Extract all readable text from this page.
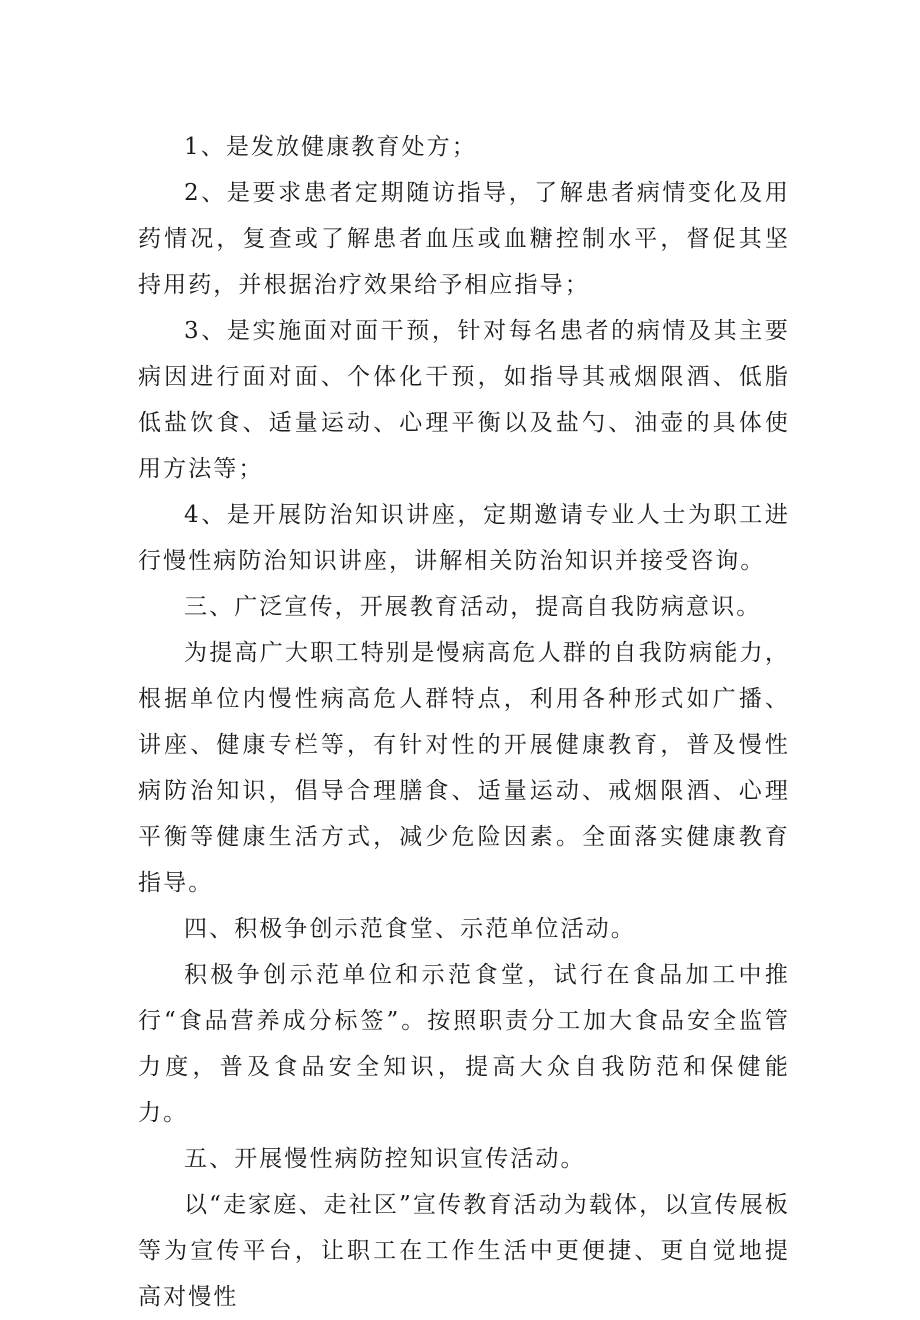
1、是发放健康教育处方；

2、是要求患者定期随访指导，了解患者病情变化及用药情况，复查或了解患者血压或血糖控制水平，督促其坚持用药，并根据治疗效果给予相应指导；

3、是实施面对面干预，针对每名患者的病情及其主要病因进行面对面、个体化干预，如指导其戒烟限酒、低脂低盐饮食、适量运动、心理平衡以及盐勺、油壶的具体使用方法等；

4、是开展防治知识讲座，定期邀请专业人士为职工进行慢性病防治知识讲座，讲解相关防治知识并接受咨询。

三、广泛宣传，开展教育活动，提高自我防病意识。

为提高广大职工特别是慢病高危人群的自我防病能力，根据单位内慢性病高危人群特点，利用各种形式如广播、讲座、健康专栏等，有针对性的开展健康教育，普及慢性病防治知识，倡导合理膳食、适量运动、戒烟限酒、心理平衡等健康生活方式，减少危险因素。全面落实健康教育指导。

四、积极争创示范食堂、示范单位活动。

积极争创示范单位和示范食堂，试行在食品加工中推行“食品营养成分标签”。按照职责分工加大食品安全监管力度，普及食品安全知识，提高大众自我防范和保健能力。

五、开展慢性病防控知识宣传活动。

以“走家庭、走社区”宣传教育活动为载体，以宣传展板等为宣传平台，让职工在工作生活中更便捷、更自觉地提高对慢性
